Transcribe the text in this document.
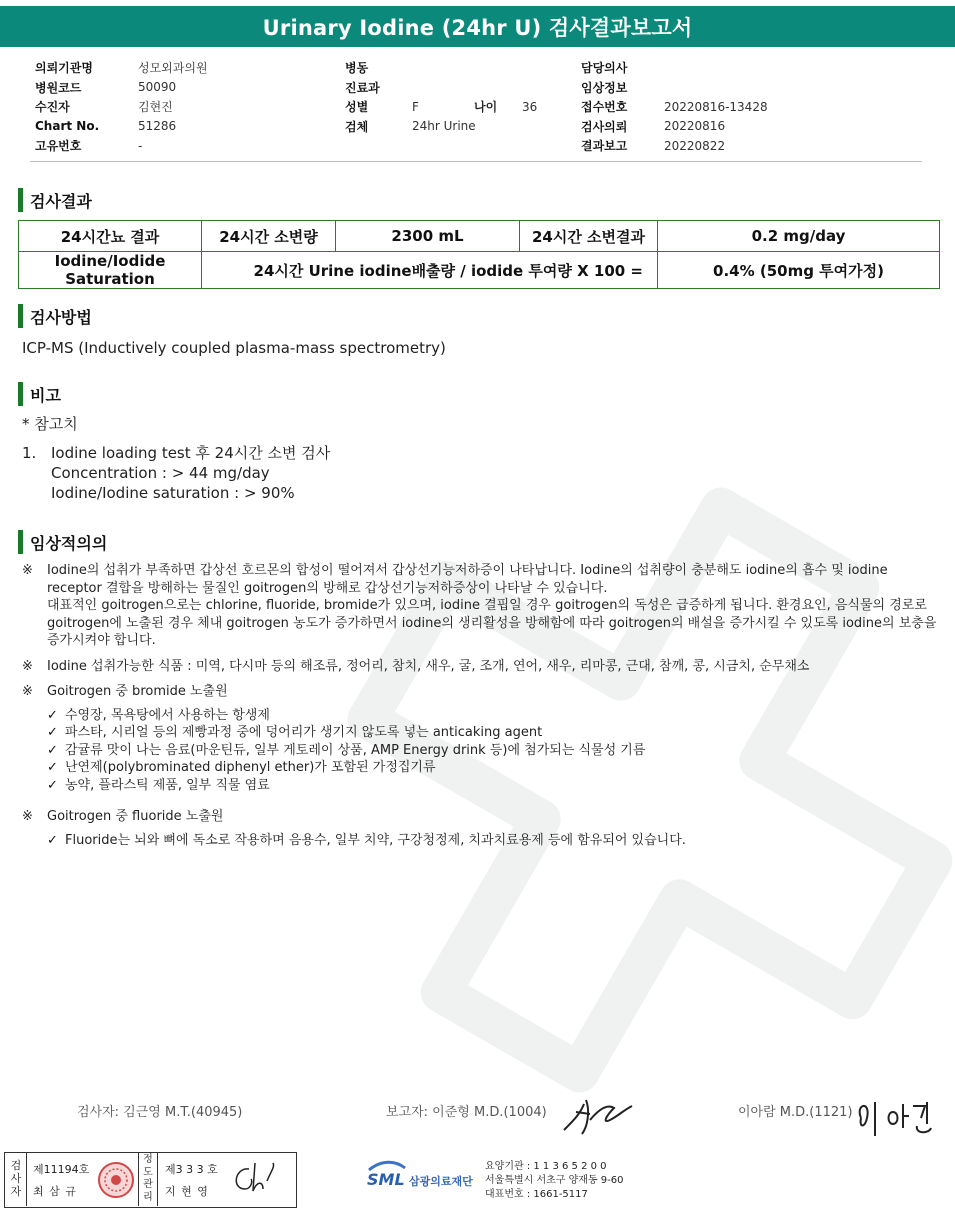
Urinary Iodine (24hr U) 검사결과보고서
의뢰기관명	성모외과의원
병원코드	50090
수진자	김현진
Chart No.	51286
고유번호	-
병동
진료과
성별	F	나이	36
검체	24hr Urine
담당의사
임상정보
접수번호	20220816-13428
검사의뢰	20220816
결과보고	20220822
검사결과
24시간뇨 결과	24시간 소변량	2300 mL	24시간 소변결과	0.2 mg/day
Iodine/Iodide Saturation	24시간 Urine iodine배출량 / iodide 투여량 X 100 =			0.4% (50mg 투여가정)
검사방법
ICP-MS (Inductively coupled plasma-mass spectrometry)
비고
* 참고치
1. Iodine loading test 후 24시간 소변 검사
Concentration : > 44 mg/day
Iodine/Iodine saturation : > 90%
임상적의의
※	Iodine의 섭취가 부족하면 갑상선 호르몬의 합성이 떨어져서 갑상선기능저하증이 나타납니다. Iodine의 섭취량이 충분해도 iodine의 흡수 및 iodine receptor 결합을 방해하는 물질인 goitrogen의 방해로 갑상선기능저하증상이 나타날 수 있습니다.
대표적인 goitrogen으로는 chlorine, fluoride, bromide가 있으며, iodine 결핍일 경우 goitrogen의 독성은 급증하게 됩니다. 환경요인, 음식물의 경로로 goitrogen에 노출된 경우 체내 goitrogen 농도가 증가하면서 iodine의 생리활성을 방해함에 따라 goitrogen의 배설을 증가시킬 수 있도록 iodine의 보충을 증가시켜야 합니다.
※	Iodine 섭취가능한 식품 : 미역, 다시마 등의 해조류, 정어리, 참치, 새우, 굴, 조개, 연어, 새우, 리마콩, 근대, 참깨, 콩, 시금치, 순무채소
※	Goitrogen 중 bromide 노출원
✓ 수영장, 목욕탕에서 사용하는 항생제
✓ 파스타, 시리얼 등의 제빵과정 중에 덩어리가 생기지 않도록 넣는 anticaking agent
✓ 감귤류 맛이 나는 음료(마운틴듀, 일부 게토레이 상품, AMP Energy drink 등)에 첨가되는 식물성 기름
✓ 난연제(polybrominated diphenyl ether)가 포함된 가정집기류
✓ 농약, 플라스틱 제품, 일부 직물 염료
※	Goitrogen 중 fluoride 노출원
✓ Fluoride는 뇌와 뼈에 독소로 작용하며 음용수, 일부 치약, 구강청정제, 치과치료용제 등에 함유되어 있습니다.
검사자: 김근영 M.T.(40945)	보고자: 이준형 M.D.(1004)	이아람 M.D.(1121)
검사자
제11194호
최 삼 규
정도관리
제3 3 3 호
지 현 영
SML 삼광의료재단
요양기관 : 1 1 3 6 5 2 0 0
서울특별시 서초구 양재동 9-60
대표번호 : 1661-5117
